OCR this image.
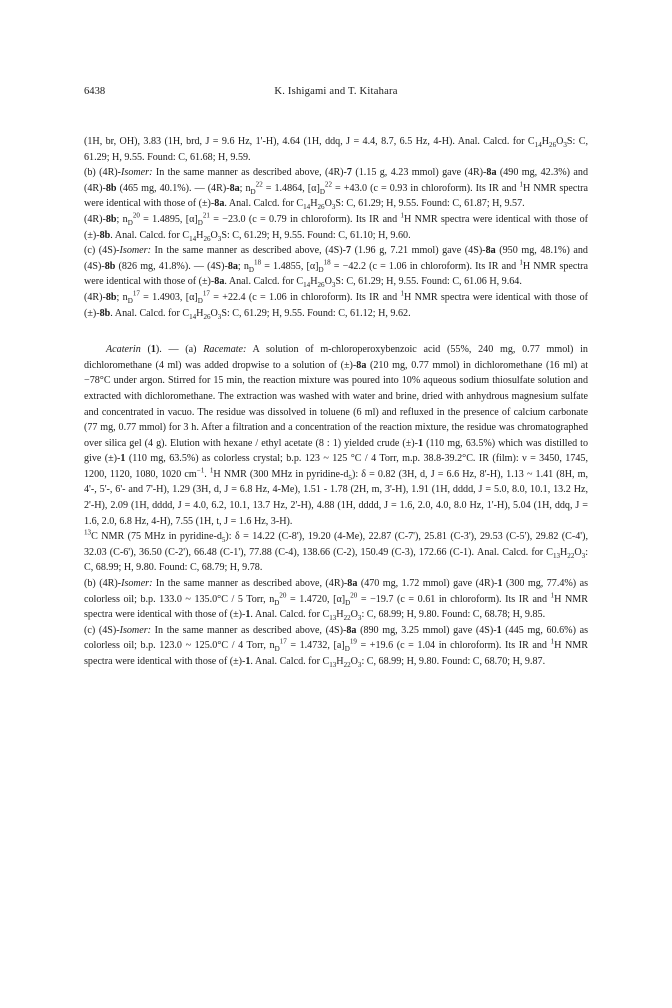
6438	K. Ishigami and T. Kitahara

(1H, br, OH), 3.83 (1H, brd, J = 9.6 Hz, 1'-H), 4.64 (1H, ddq, J = 4.4, 8.7, 6.5 Hz, 4-H). Anal. Calcd. for $C_{14}H_{26}O_3S$: C, 61.29; H, 9.55. Found: C, 61.68; H, 9.59.

(b) (4R)-Isomer: In the same manner as described above, (4R)-7 (1.15 g, 4.23 mmol) gave (4R)-8a (490 mg, 42.3%) and (4R)-8b (465 mg, 40.1%). — (4R)-8a; $n_D^{22} = 1.4864$, $[\alpha]_D^{22} = +43.0$ (c = 0.93 in chloroform). Its IR and $^1$H NMR spectra were identical with those of (±)-8a. Anal. Calcd. for $C_{14}H_{26}O_3S$: C, 61.29; H, 9.55. Found: C, 61.87; H, 9.57.

(4R)-8b; $n_D^{20} = 1.4895$, $[\alpha]_D^{21} = -23.0$ (c = 0.79 in chloroform). Its IR and $^1$H NMR spectra were identical with those of (±)-8b. Anal. Calcd. for $C_{14}H_{26}O_3S$: C, 61.29; H, 9.55. Found: C, 61.10; H, 9.60.

(c) (4S)-Isomer: In the same manner as described above, (4S)-7 (1.96 g, 7.21 mmol) gave (4S)-8a (950 mg, 48.1%) and (4S)-8b (826 mg, 41.8%). — (4S)-8a; $n_D^{18} = 1.4855$, $[\alpha]_D^{18} = -42.2$ (c = 1.06 in chloroform). Its IR and $^1$H NMR spectra were identical with those of (±)-8a. Anal. Calcd. for $C_{14}H_{26}O_3S$: C, 61.29; H, 9.55. Found: C, 61.06 H, 9.64.

(4R)-8b; $n_D^{17} = 1.4903$, $[\alpha]_D^{17} = +22.4$ (c = 1.06 in chloroform). Its IR and $^1$H NMR spectra were identical with those of (±)-8b. Anal. Calcd. for $C_{14}H_{26}O_3S$: C, 61.29; H, 9.55. Found: C, 61.12; H, 9.62.

Acaterin (1). — (a) Racemate: A solution of m-chloroperoxybenzoic acid (55%, 240 mg, 0.77 mmol) in dichloromethane (4 ml) was added dropwise to a solution of (±)-8a (210 mg, 0.77 mmol) in dichloromethane (16 ml) at −78°C under argon. Stirred for 15 min, the reaction mixture was poured into 10% aqueous sodium thiosulfate solution and extracted with dichloromethane. The extraction was washed with water and brine, dried with anhydrous magnesium sulfate and concentrated in vacuo. The residue was dissolved in toluene (6 ml) and refluxed in the presence of calcium carbonate (77 mg, 0.77 mmol) for 3 h. After a filtration and a concentration of the reaction mixture, the residue was chromatographed over silica gel (4 g). Elution with hexane / ethyl acetate (8 : 1) yielded crude (±)-1 (110 mg, 63.5%) which was distilled to give (±)-1 (110 mg, 63.5%) as colorless crystal; b.p. 123 ~ 125 °C / 4 Torr, m.p. 38.8-39.2°C. IR (film): ν = 3450, 1745, 1200, 1120, 1080, 1020 $cm^{-1}$. $^1$H NMR (300 MHz in pyridine-$d_5$): δ = 0.82 (3H, d, J = 6.6 Hz, 8'-H), 1.13 ~ 1.41 (8H, m, 4'-, 5'-, 6'- and 7'-H), 1.29 (3H, d, J = 6.8 Hz, 4-Me), 1.51 - 1.78 (2H, m, 3'-H), 1.91 (1H, dddd, J = 5.0, 8.0, 10.1, 13.2 Hz, 2'-H), 2.09 (1H, dddd, J = 4.0, 6.2, 10.1, 13.7 Hz, 2'-H), 4.88 (1H, dddd, J = 1.6, 2.0, 4.0, 8.0 Hz, 1'-H), 5.04 (1H, ddq, J = 1.6, 2.0, 6.8 Hz, 4-H), 7.55 (1H, t, J = 1.6 Hz, 3-H).

$^{13}$C NMR (75 MHz in pyridine-$d_5$): δ = 14.22 (C-8'), 19.20 (4-Me), 22.87 (C-7'), 25.81 (C-3'), 29.53 (C-5'), 29.82 (C-4'), 32.03 (C-6'), 36.50 (C-2'), 66.48 (C-1'), 77.88 (C-4), 138.66 (C-2), 150.49 (C-3), 172.66 (C-1). Anal. Calcd. for $C_{13}H_{22}O_3$: C, 68.99; H, 9.80. Found: C, 68.79; H, 9.78.

(b) (4R)-Isomer: In the same manner as described above, (4R)-8a (470 mg, 1.72 mmol) gave (4R)-1 (300 mg, 77.4%) as colorless oil; b.p. 133.0 ~ 135.0°C / 5 Torr, $n_D^{20} = 1.4720$, $[\alpha]_D^{20} = -19.7$ (c = 0.61 in chloroform). Its IR and $^1$H NMR spectra were identical with those of (±)-1. Anal. Calcd. for $C_{13}H_{22}O_3$: C, 68.99; H, 9.80. Found: C, 68.78; H, 9.85.

(c) (4S)-Isomer: In the same manner as described above, (4S)-8a (890 mg, 3.25 mmol) gave (4S)-1 (445 mg, 60.6%) as colorless oil; b.p. 123.0 ~ 125.0°C / 4 Torr, $n_D^{17} = 1.4732$, $[a]_D^{19} = +19.6$ (c = 1.04 in chloroform). Its IR and $^1$H NMR spectra were identical with those of (±)-1. Anal. Calcd. for $C_{13}H_{22}O_3$: C, 68.99; H, 9.80. Found: C, 68.70; H, 9.87.
